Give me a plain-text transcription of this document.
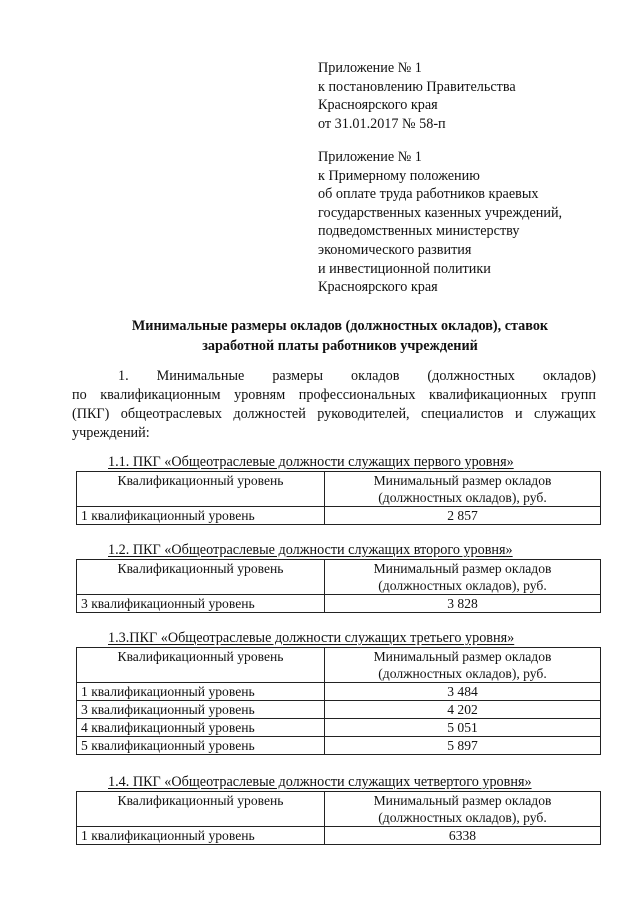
Приложение № 1
к постановлению Правительства
Красноярского края
от 31.01.2017 № 58-п
Приложение № 1
к Примерному положению
об оплате труда работников краевых
государственных казенных учреждений,
подведомственных министерству
экономического развития
и инвестиционной политики
Красноярского края
Минимальные размеры окладов (должностных окладов), ставок
заработной платы работников учреждений
1. Минимальные размеры окладов (должностных окладов)
по квалификационным уровням профессиональных квалификационных групп
(ПКГ) общеотраслевых должностей руководителей, специалистов и служащих
учреждений:
1.1. ПКГ «Общеотраслевые должности служащих первого уровня»
Квалификационный уровень	Минимальный размер окладов
(должностных окладов), руб.

1 квалификационный уровень	2 857
1.2. ПКГ «Общеотраслевые должности служащих второго уровня»
Квалификационный уровень	Минимальный размер окладов
(должностных окладов), руб.

3 квалификационный уровень	3 828
1.3.ПКГ «Общеотраслевые должности служащих третьего уровня»
Квалификационный уровень	Минимальный размер окладов
(должностных окладов), руб.

1 квалификационный уровень	3 484
3 квалификационный уровень	4 202
4 квалификационный уровень	5 051
5 квалификационный уровень	5 897
1.4. ПКГ «Общеотраслевые должности служащих четвертого уровня»
Квалификационный уровень	Минимальный размер окладов
(должностных окладов), руб.

1 квалификационный уровень	6338
